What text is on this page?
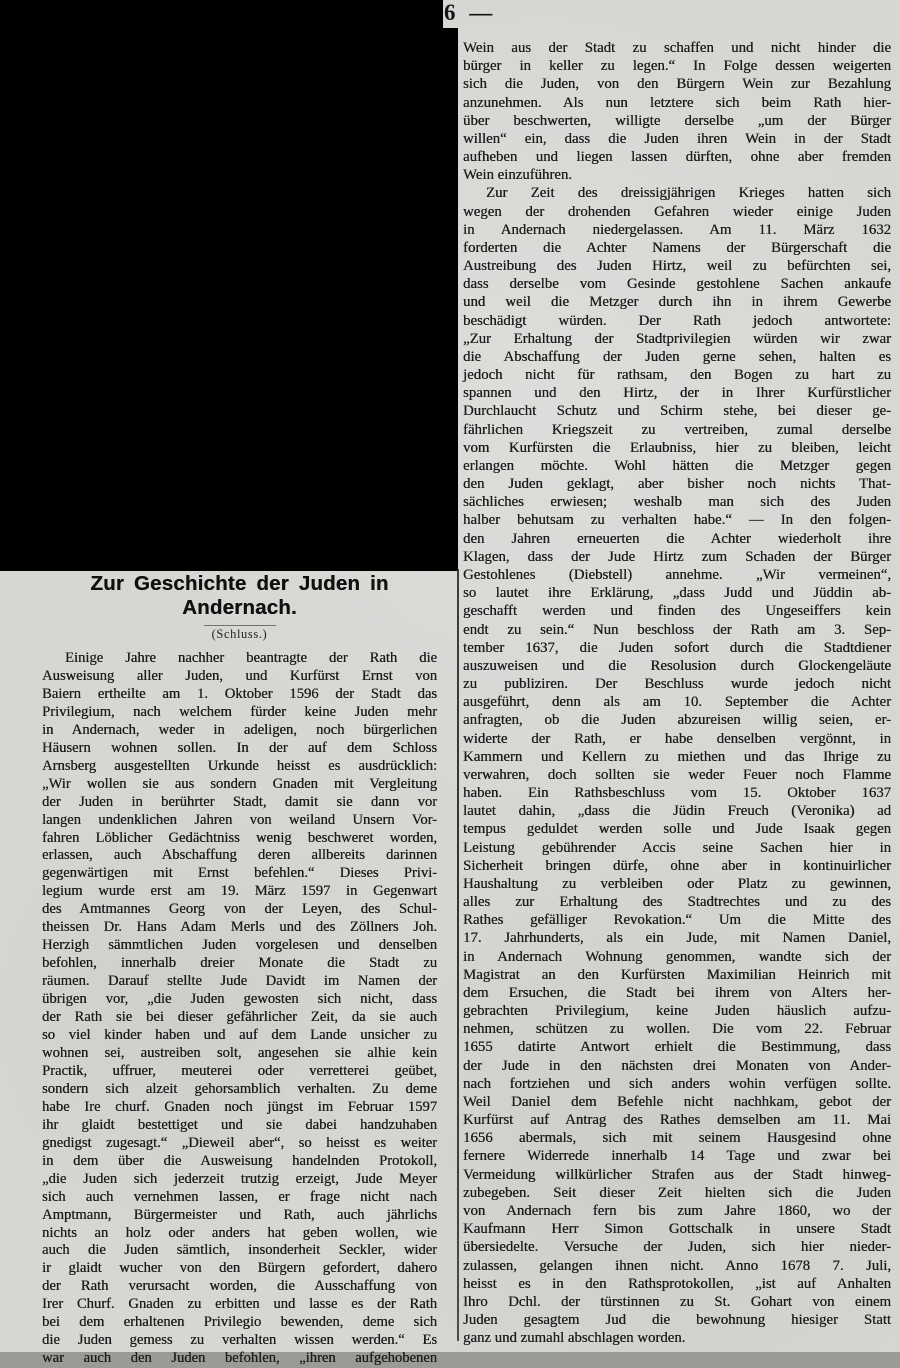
6 —
Zur Geschichte der Juden in Andernach.
(Schluss.)
Einige Jahre nachher beantragte der Rath die
Ausweisung aller Juden, und Kurfürst Ernst von
Baiern ertheilte am 1. Oktober 1596 der Stadt das
Privilegium, nach welchem fürder keine Juden mehr
in Andernach, weder in adeligen, noch bürgerlichen
Häusern wohnen sollen. In der auf dem Schloss
Arnsberg ausgestellten Urkunde heisst es ausdrücklich:
„Wir wollen sie aus sondern Gnaden mit Vergleitung
der Juden in berührter Stadt, damit sie dann vor
langen undenklichen Jahren von weiland Unsern Vor-
fahren Löblicher Gedächtniss wenig beschweret worden,
erlassen, auch Abschaffung deren allbereits darinnen
gegenwärtigen mit Ernst befehlen.“ Dieses Privi-
legium wurde erst am 19. März 1597 in Gegenwart
des Amtmannes Georg von der Leyen, des Schul-
theissen Dr. Hans Adam Merls und des Zöllners Joh.
Herzigh sämmtlichen Juden vorgelesen und denselben
befohlen, innerhalb dreier Monate die Stadt zu
räumen. Darauf stellte Jude Davidt im Namen der
übrigen vor, „die Juden gewosten sich nicht, dass
der Rath sie bei dieser gefährlicher Zeit, da sie auch
so viel kinder haben und auf dem Lande unsicher zu
wohnen sei, austreiben solt, angesehen sie alhie kein
Practik, uffruer, meuterei oder verretterei geübet,
sondern sich alzeit gehorsamblich verhalten. Zu deme
habe Ire churf. Gnaden noch jüngst im Februar 1597
ihr glaidt bestettiget und sie dabei handzuhaben
gnedigst zugesagt.“ „Dieweil aber“, so heisst es weiter
in dem über die Ausweisung handelnden Protokoll,
„die Juden sich jederzeit trutzig erzeigt, Jude Meyer
sich auch vernehmen lassen, er frage nicht nach
Amptmann, Bürgermeister und Rath, auch jährlichs
nichts an holz oder anders hat geben wollen, wie
auch die Juden sämtlich, insonderheit Seckler, wider
ir glaidt wucher von den Bürgern gefordert, dahero
der Rath verursacht worden, die Ausschaffung von
Irer Churf. Gnaden zu erbitten und lasse es der Rath
bei dem erhaltenen Privilegio bewenden, deme sich
die Juden gemess zu verhalten wissen werden.“ Es
war auch den Juden befohlen, „ihren aufgehobenen
Wein aus der Stadt zu schaffen und nicht hinder die
bürger in keller zu legen.“ In Folge dessen weigerten
sich die Juden, von den Bürgern Wein zur Bezahlung
anzunehmen. Als nun letztere sich beim Rath hier-
über beschwerten, willigte derselbe „um der Bürger
willen“ ein, dass die Juden ihren Wein in der Stadt
aufheben und liegen lassen dürften, ohne aber fremden
Wein einzuführen.
Zur Zeit des dreissigjährigen Krieges hatten sich
wegen der drohenden Gefahren wieder einige Juden
in Andernach niedergelassen. Am 11. März 1632
forderten die Achter Namens der Bürgerschaft die
Austreibung des Juden Hirtz, weil zu befürchten sei,
dass derselbe vom Gesinde gestohlene Sachen ankaufe
und weil die Metzger durch ihn in ihrem Gewerbe
beschädigt würden. Der Rath jedoch antwortete:
„Zur Erhaltung der Stadtprivilegien würden wir zwar
die Abschaffung der Juden gerne sehen, halten es
jedoch nicht für rathsam, den Bogen zu hart zu
spannen und den Hirtz, der in Ihrer Kurfürstlicher
Durchlaucht Schutz und Schirm stehe, bei dieser ge-
fährlichen Kriegszeit zu vertreiben, zumal derselbe
vom Kurfürsten die Erlaubniss, hier zu bleiben, leicht
erlangen möchte. Wohl hätten die Metzger gegen
den Juden geklagt, aber bisher noch nichts That-
sächliches erwiesen; weshalb man sich des Juden
halber behutsam zu verhalten habe.“ — In den folgen-
den Jahren erneuerten die Achter wiederholt ihre
Klagen, dass der Jude Hirtz zum Schaden der Bürger
Gestohlenes (Diebstell) annehme. „Wir vermeinen“,
so lautet ihre Erklärung, „dass Judd und Jüddin ab-
geschafft werden und finden des Ungeseiffers kein
endt zu sein.“ Nun beschloss der Rath am 3. Sep-
tember 1637, die Juden sofort durch die Stadtdiener
auszuweisen und die Resolusion durch Glockengeläute
zu publiziren. Der Beschluss wurde jedoch nicht
ausgeführt, denn als am 10. September die Achter
anfragten, ob die Juden abzureisen willig seien, er-
widerte der Rath, er habe denselben vergönnt, in
Kammern und Kellern zu miethen und das Ihrige zu
verwahren, doch sollten sie weder Feuer noch Flamme
haben. Ein Rathsbeschluss vom 15. Oktober 1637
lautet dahin, „dass die Jüdin Freuch (Veronika) ad
tempus geduldet werden solle und Jude Isaak gegen
Leistung gebührender Accis seine Sachen hier in
Sicherheit bringen dürfe, ohne aber in kontinuirlicher
Haushaltung zu verbleiben oder Platz zu gewinnen,
alles zur Erhaltung des Stadtrechtes und zu des
Rathes gefälliger Revokation.“ Um die Mitte des
17. Jahrhunderts, als ein Jude, mit Namen Daniel,
in Andernach Wohnung genommen, wandte sich der
Magistrat an den Kurfürsten Maximilian Heinrich mit
dem Ersuchen, die Stadt bei ihrem von Alters her-
gebrachten Privilegium, keine Juden häuslich aufzu-
nehmen, schützen zu wollen. Die vom 22. Februar
1655 datirte Antwort erhielt die Bestimmung, dass
der Jude in den nächsten drei Monaten von Ander-
nach fortziehen und sich anders wohin verfügen sollte.
Weil Daniel dem Befehle nicht nachhkam, gebot der
Kurfürst auf Antrag des Rathes demselben am 11. Mai
1656 abermals, sich mit seinem Hausgesind ohne
fernere Widerrede innerhalb 14 Tage und zwar bei
Vermeidung willkürlicher Strafen aus der Stadt hinweg-
zubegeben. Seit dieser Zeit hielten sich die Juden
von Andernach fern bis zum Jahre 1860, wo der
Kaufmann Herr Simon Gottschalk in unsere Stadt
übersiedelte. Versuche der Juden, sich hier nieder-
zulassen, gelangen ihnen nicht. Anno 1678 7. Juli,
heisst es in den Rathsprotokollen, „ist auf Anhalten
Ihro Dchl. der türstinnen zu St. Gohart von einem
Juden gesagtem Jud die bewohnung hiesiger Statt
ganz und zumahl abschlagen worden.
